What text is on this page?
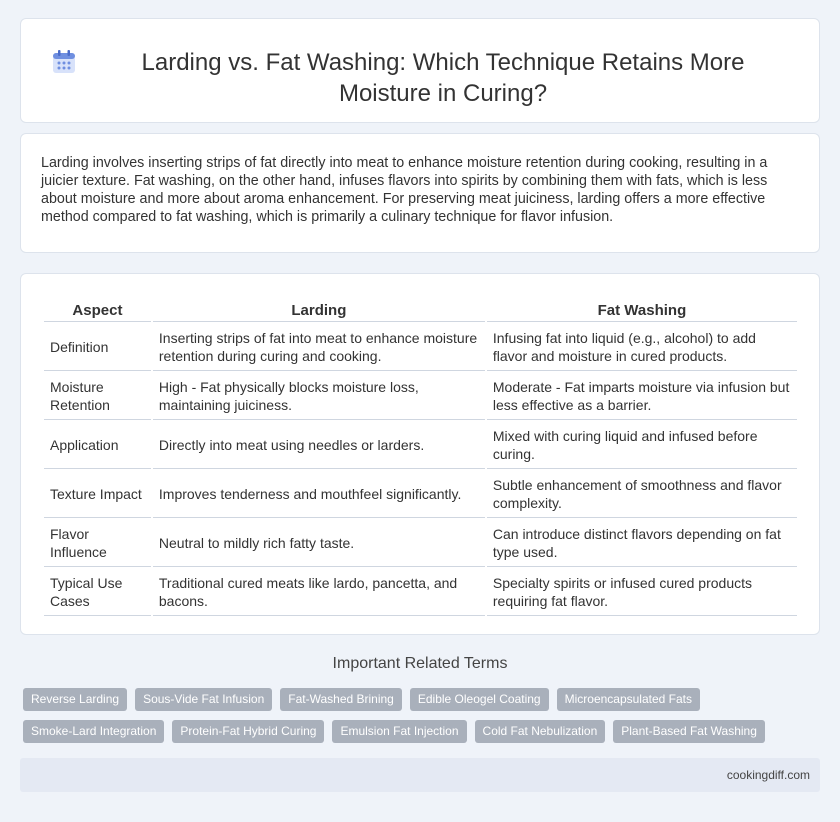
Larding vs. Fat Washing: Which Technique Retains More Moisture in Curing?

Larding involves inserting strips of fat directly into meat to enhance moisture retention during cooking, resulting in a juicier texture. Fat washing, on the other hand, infuses flavors into spirits by combining them with fats, which is less about moisture and more about aroma enhancement. For preserving meat juiciness, larding offers a more effective method compared to fat washing, which is primarily a culinary technique for flavor infusion.

Aspect	Larding	Fat Washing
Definition	Inserting strips of fat into meat to enhance moisture retention during curing and cooking.	Infusing fat into liquid (e.g., alcohol) to add flavor and moisture in cured products.
Moisture Retention	High - Fat physically blocks moisture loss, maintaining juiciness.	Moderate - Fat imparts moisture via infusion but less effective as a barrier.
Application	Directly into meat using needles or larders.	Mixed with curing liquid and infused before curing.
Texture Impact	Improves tenderness and mouthfeel significantly.	Subtle enhancement of smoothness and flavor complexity.
Flavor Influence	Neutral to mildly rich fatty taste.	Can introduce distinct flavors depending on fat type used.
Typical Use Cases	Traditional cured meats like lardo, pancetta, and bacons.	Specialty spirits or infused cured products requiring fat flavor.
Important Related Terms
Reverse Larding	Sous-Vide Fat Infusion	Fat-Washed Brining	Edible Oleogel Coating	Microencapsulated Fats
Smoke-Lard Integration	Protein-Fat Hybrid Curing	Emulsion Fat Injection	Cold Fat Nebulization	Plant-Based Fat Washing
cookingdiff.com
